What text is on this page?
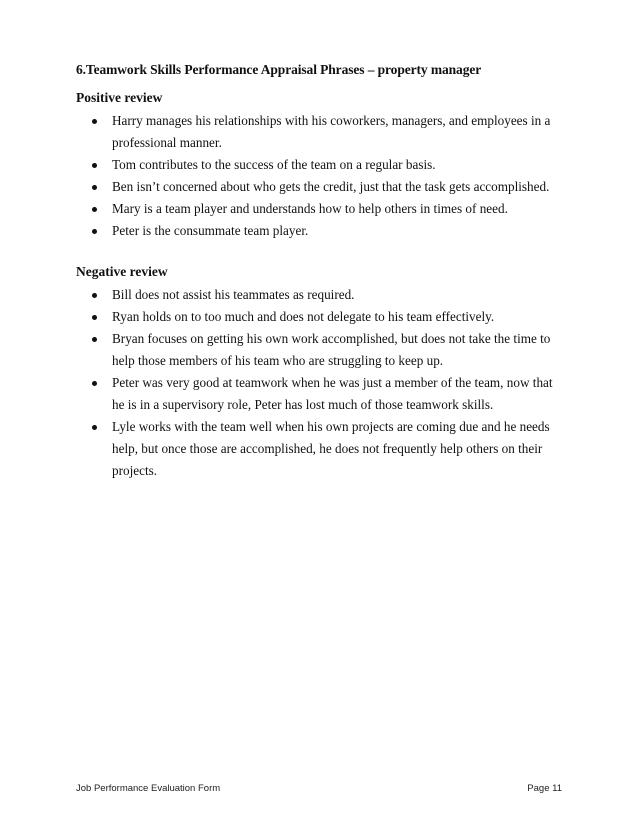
6.Teamwork Skills Performance Appraisal Phrases – property manager
Positive review
Harry manages his relationships with his coworkers, managers, and employees in a professional manner.
Tom contributes to the success of the team on a regular basis.
Ben isn’t concerned about who gets the credit, just that the task gets accomplished.
Mary is a team player and understands how to help others in times of need.
Peter is the consummate team player.
Negative review
Bill does not assist his teammates as required.
Ryan holds on to too much and does not delegate to his team effectively.
Bryan focuses on getting his own work accomplished, but does not take the time to help those members of his team who are struggling to keep up.
Peter was very good at teamwork when he was just a member of the team, now that he is in a supervisory role, Peter has lost much of those teamwork skills.
Lyle works with the team well when his own projects are coming due and he needs help, but once those are accomplished, he does not frequently help others on their projects.
Job Performance Evaluation Form	Page 11
